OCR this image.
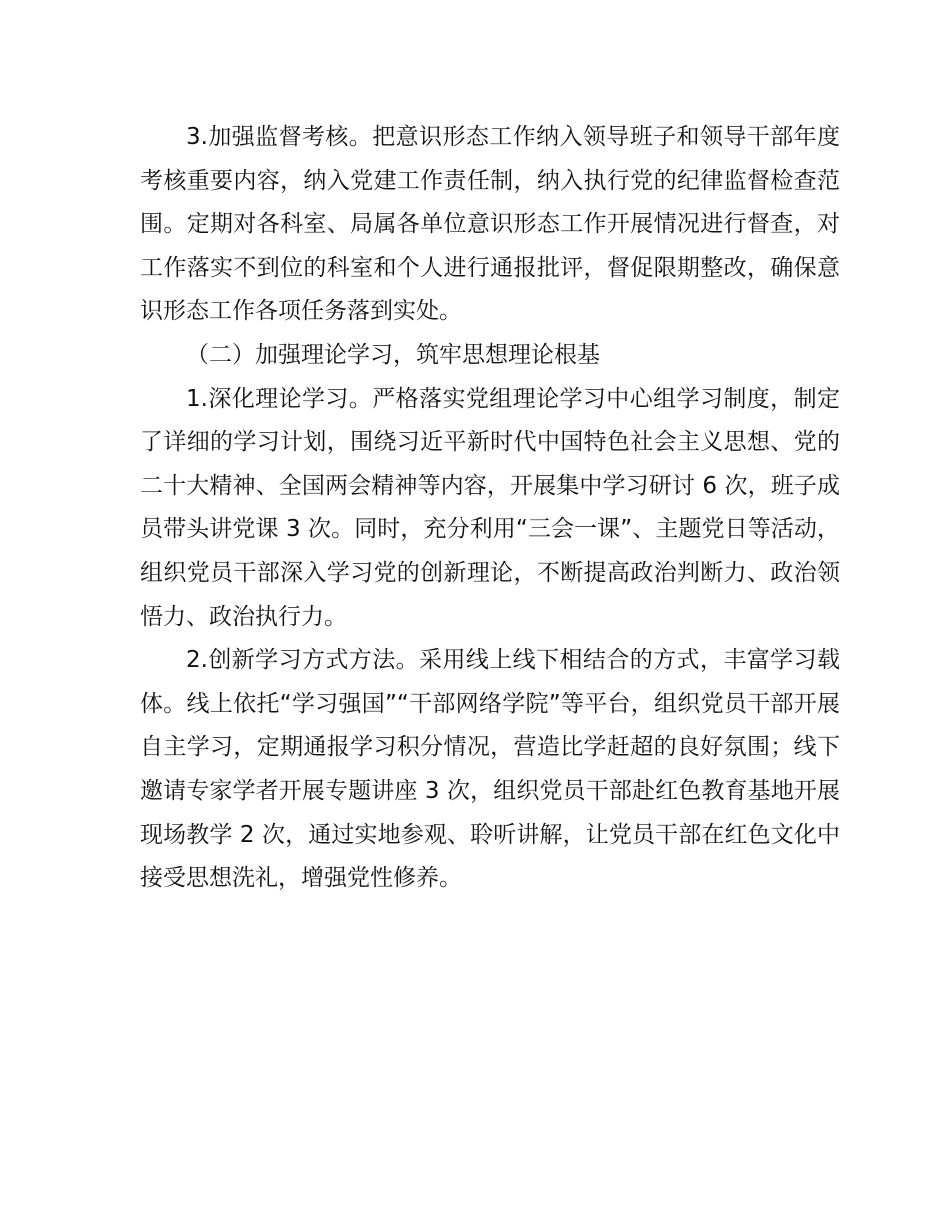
3.加强监督考核。把意识形态工作纳入领导班子和领导干部年度考核重要内容，纳入党建工作责任制，纳入执行党的纪律监督检查范围。定期对各科室、局属各单位意识形态工作开展情况进行督查，对工作落实不到位的科室和个人进行通报批评，督促限期整改，确保意识形态工作各项任务落到实处。

（二）加强理论学习，筑牢思想理论根基

1.深化理论学习。严格落实党组理论学习中心组学习制度，制定了详细的学习计划，围绕习近平新时代中国特色社会主义思想、党的二十大精神、全国两会精神等内容，开展集中学习研讨 6 次，班子成员带头讲党课 3 次。同时，充分利用“三会一课”、主题党日等活动，组织党员干部深入学习党的创新理论，不断提高政治判断力、政治领悟力、政治执行力。

2.创新学习方式方法。采用线上线下相结合的方式，丰富学习载体。线上依托“学习强国”“干部网络学院”等平台，组织党员干部开展自主学习，定期通报学习积分情况，营造比学赶超的良好氛围；线下邀请专家学者开展专题讲座 3 次，组织党员干部赴红色教育基地开展现场教学 2 次，通过实地参观、聆听讲解，让党员干部在红色文化中接受思想洗礼，增强党性修养。
